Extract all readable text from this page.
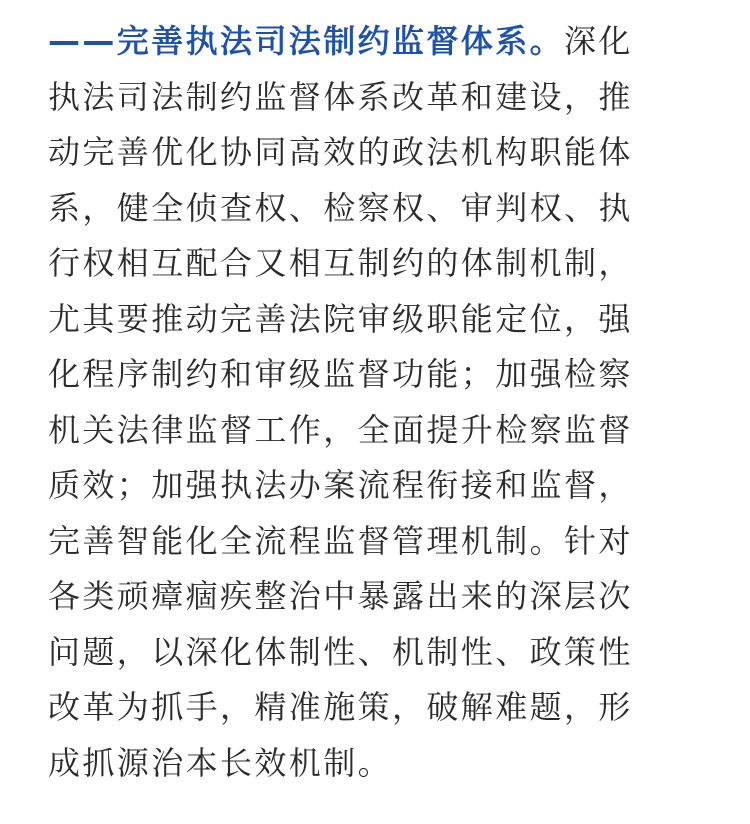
——完善执法司法制约监督体系。深化
执法司法制约监督体系改革和建设，推
动完善优化协同高效的政法机构职能体
系，健全侦查权、检察权、审判权、执
行权相互配合又相互制约的体制机制，
尤其要推动完善法院审级职能定位，强
化程序制约和审级监督功能；加强检察
机关法律监督工作，全面提升检察监督
质效；加强执法办案流程衔接和监督，
完善智能化全流程监督管理机制。针对
各类顽瘴痼疾整治中暴露出来的深层次
问题，以深化体制性、机制性、政策性
改革为抓手，精准施策，破解难题，形
成抓源治本长效机制。
